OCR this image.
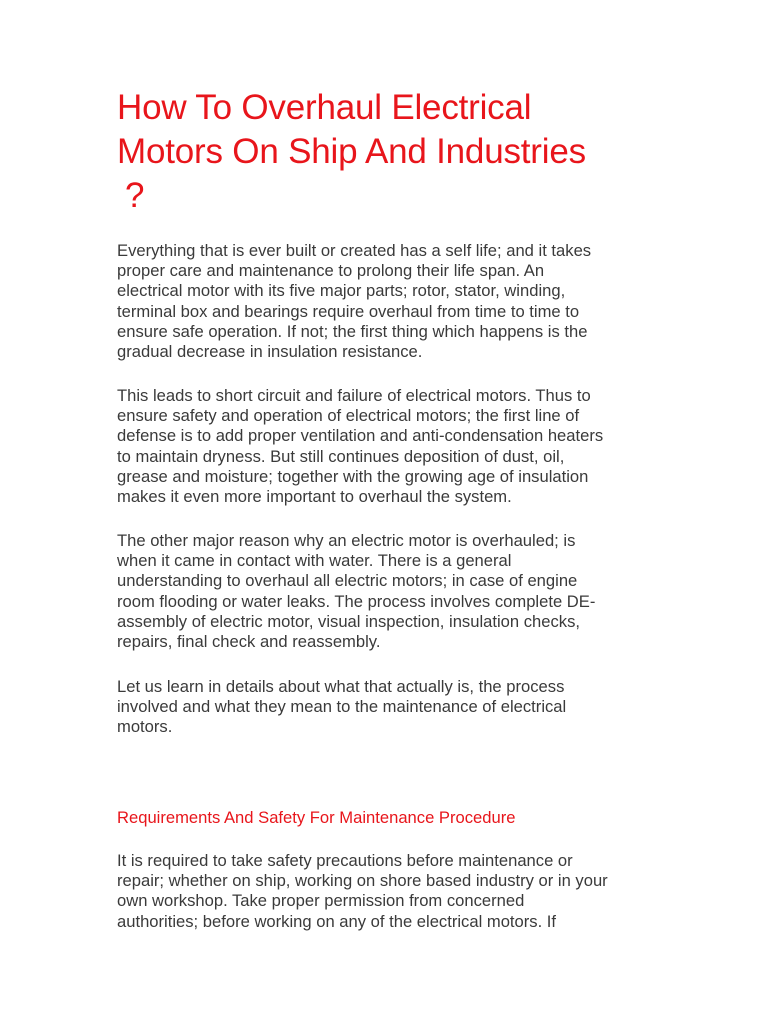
How To Overhaul Electrical
Motors On Ship And Industries
?

Everything that is ever built or created has a self life; and it takes
proper care and maintenance to prolong their life span. An
electrical motor with its five major parts; rotor, stator, winding,
terminal box and bearings require overhaul from time to time to
ensure safe operation. If not; the first thing which happens is the
gradual decrease in insulation resistance.

This leads to short circuit and failure of electrical motors. Thus to
ensure safety and operation of electrical motors; the first line of
defense is to add proper ventilation and anti-condensation heaters
to maintain dryness. But still continues deposition of dust, oil,
grease and moisture; together with the growing age of insulation
makes it even more important to overhaul the system.

The other major reason why an electric motor is overhauled; is
when it came in contact with water. There is a general
understanding to overhaul all electric motors; in case of engine
room flooding or water leaks. The process involves complete DE-
assembly of electric motor, visual inspection, insulation checks,
repairs, final check and reassembly.

Let us learn in details about what that actually is, the process
involved and what they mean to the maintenance of electrical
motors.

Requirements And Safety For Maintenance Procedure

It is required to take safety precautions before maintenance or
repair; whether on ship, working on shore based industry or in your
own workshop. Take proper permission from concerned
authorities; before working on any of the electrical motors. If
